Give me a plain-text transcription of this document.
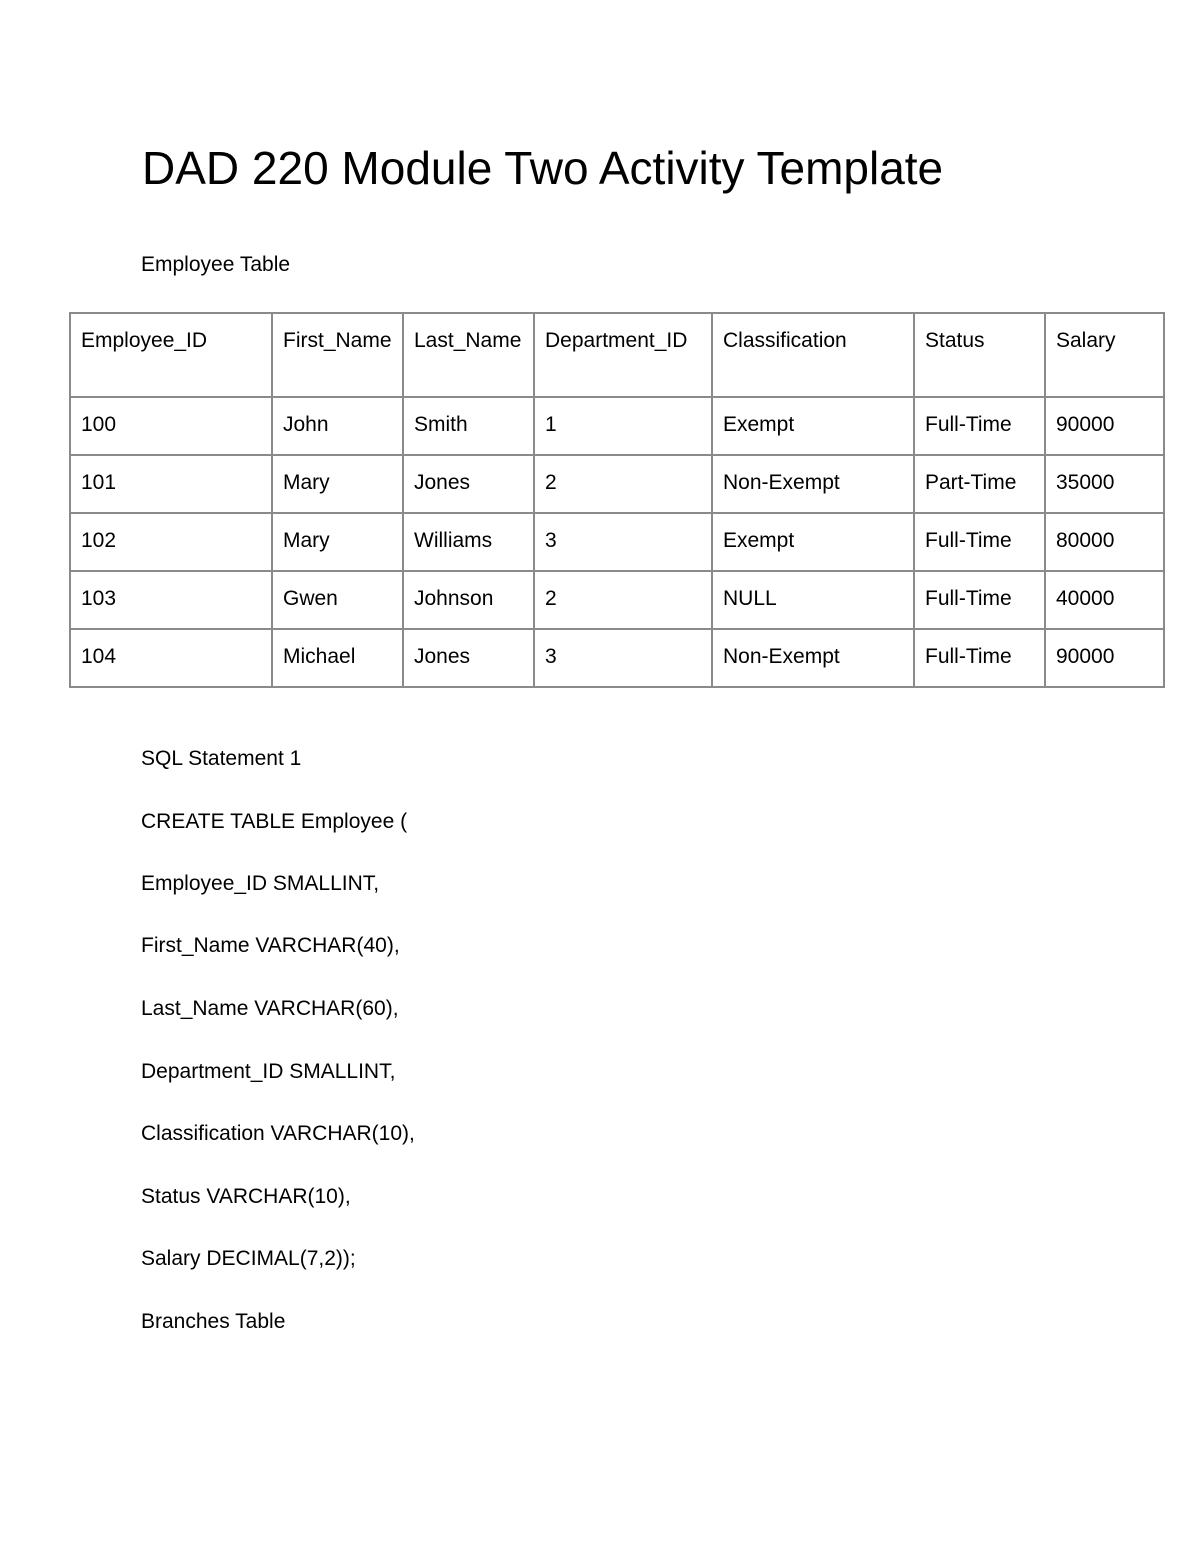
DAD 220 Module Two Activity Template

Employee Table

Employee_ID	First_Name	Last_Name	Department_ID	Classification	Status	Salary
100	John	Smith	1	Exempt	Full-Time	90000
101	Mary	Jones	2	Non-Exempt	Part-Time	35000
102	Mary	Williams	3	Exempt	Full-Time	80000
103	Gwen	Johnson	2	NULL	Full-Time	40000
104	Michael	Jones	3	Non-Exempt	Full-Time	90000

SQL Statement 1

CREATE TABLE Employee (

Employee_ID SMALLINT,

First_Name VARCHAR(40),

Last_Name VARCHAR(60),

Department_ID SMALLINT,

Classification VARCHAR(10),

Status VARCHAR(10),

Salary DECIMAL(7,2));

Branches Table
